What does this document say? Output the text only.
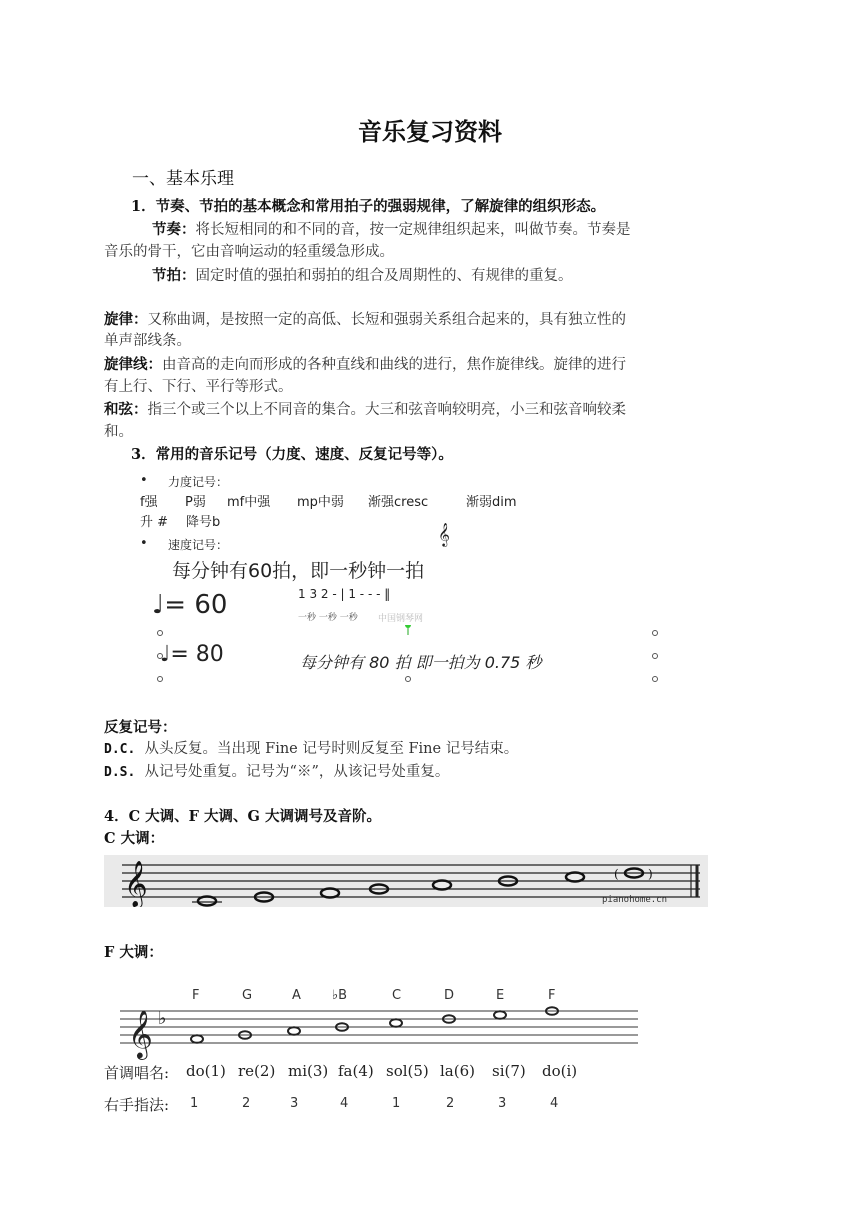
音乐复习资料
一、基本乐理
1．节奏、节拍的基本概念和常用拍子的强弱规律，了解旋律的组织形态。
节奏：将长短相同的和不同的音，按一定规律组织起来，叫做节奏。节奏是
音乐的骨干，它由音响运动的轻重缓急形成。
节拍：固定时值的强拍和弱拍的组合及周期性的、有规律的重复。
旋律：又称曲调，是按照一定的高低、长短和强弱关系组合起来的，具有独立性的
单声部线条。
旋律线：由音高的走向而形成的各种直线和曲线的进行，焦作旋律线。旋律的进行
有上行、下行、平行等形式。
和弦：指三个或三个以上不同音的集合。大三和弦音响较明亮，小三和弦音响较柔
和。
3．常用的音乐记号（力度、速度、反复记号等）。
• 力度记号：
f强 P弱 mf中强 mp中弱 渐强cresc	渐弱dim
升 # 降号b	𝄞
• 速度记号：
每分钟有60拍，即一秒钟一拍
♩= 60	1 3 2 - | 1 - - - ‖
一秒 一秒 一秒 中国钢琴网
♩= 80	每分钟有 80 拍 即一拍为 0.75 秒
反复记号：
D.C. 从头反复。当出现 Fine 记号时则反复至 Fine 记号结束。
D.S. 从记号处重复。记号为“※”，从该记号处重复。
4．C 大调、F 大调、G 大调调号及音阶。
C 大调：
𝄞	( )
pianohome.cn
F 大调：
F	G	A ♭B	C	D	E	F
𝄞 ♭
首调唱名: do(1) re(2) mi(3) fa(4) sol(5) la(6) si(7) do(i)
右手指法: 1	2	3	4	1	2	3	4
